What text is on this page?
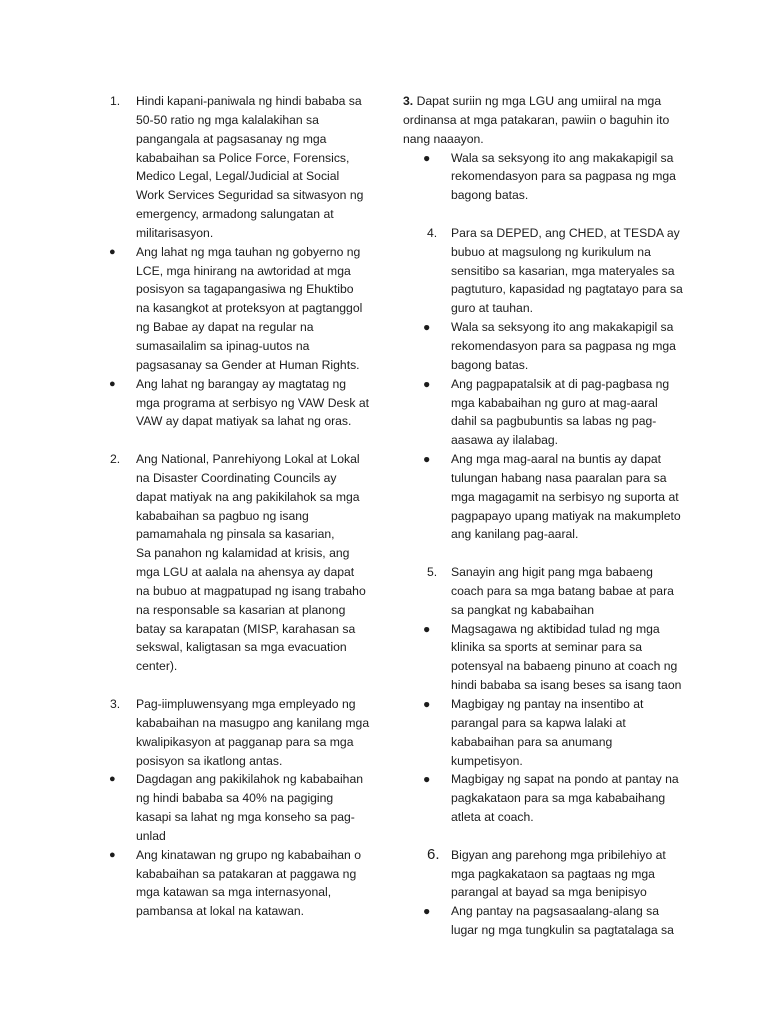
1.	Hindi kapani-paniwala ng hindi bababa sa 50-50 ratio ng mga kalalakihan sa pangangala at pagsasanay ng mga kababaihan sa Police Force, Forensics, Medico Legal, Legal/Judicial at Social Work Services Seguridad sa sitwasyon ng emergency, armadong salungatan at militarisasyon.
●	Ang lahat ng mga tauhan ng gobyerno ng LCE, mga hinirang na awtoridad at mga posisyon sa tagapangasiwa ng Ehuktibo na kasangkot at proteksyon at pagtanggol ng Babae ay dapat na regular na sumasailalim sa ipinag-uutos na pagsasanay sa Gender at Human Rights.
●	Ang lahat ng barangay ay magtatag ng mga programa at serbisyo ng VAW Desk at VAW ay dapat matiyak sa lahat ng oras.
2.	Ang National, Panrehiyong Lokal at Lokal na Disaster Coordinating Councils ay dapat matiyak na ang pakikilahok sa mga kababaihan sa pagbuo ng isang pamamahala ng pinsala sa kasarian,
Sa panahon ng kalamidad at krisis, ang mga LGU at aalala na ahensya ay dapat na bubuo at magpatupad ng isang trabaho na responsable sa kasarian at planong batay sa karapatan (MISP, karahasan sa sekswal, kaligtasan sa mga evacuation center).
3.	Pag-iimpluwensyang mga empleyado ng kababaihan na masugpo ang kanilang mga kwalipikasyon at pagganap para sa mga posisyon sa ikatlong antas.
●	Dagdagan ang pakikilahok ng kababaihan ng hindi bababa sa 40% na pagiging kasapi sa lahat ng mga konseho sa pag-unlad
●	Ang kinatawan ng grupo ng kababaihan o kababaihan sa patakaran at paggawa ng mga katawan sa mga internasyonal, pambansa at lokal na katawan.
3. Dapat suriin ng mga LGU ang umiiral na mga ordinansa at mga patakaran, pawiin o baguhin ito nang naaayon.
●	Wala sa seksyong ito ang makakapigil sa rekomendasyon para sa pagpasa ng mga bagong batas.
4.	Para sa DEPED, ang CHED, at TESDA ay bubuo at magsulong ng kurikulum na sensitibo sa kasarian, mga materyales sa pagtuturo, kapasidad ng pagtatayo para sa guro at tauhan.
●	Wala sa seksyong ito ang makakapigil sa rekomendasyon para sa pagpasa ng mga bagong batas.
●	Ang pagpapatalsik at di pag-pagbasa ng mga kababaihan ng guro at mag-aaral dahil sa pagbubuntis sa labas ng pag-aasawa ay ilalabag.
●	Ang mga mag-aaral na buntis ay dapat tulungan habang nasa paaralan para sa mga magagamit na serbisyo ng suporta at pagpapayo upang matiyak na makumpleto ang kanilang pag-aaral.
5.	Sanayin ang higit pang mga babaeng coach para sa mga batang babae at para sa pangkat ng kababaihan
●	Magsagawa ng aktibidad tulad ng mga klinika sa sports at seminar para sa potensyal na babaeng pinuno at coach ng hindi bababa sa isang beses sa isang taon
●	Magbigay ng pantay na insentibo at parangal para sa kapwa lalaki at kababaihan para sa anumang kumpetisyon.
●	Magbigay ng sapat na pondo at pantay na pagkakataon para sa mga kababaihang atleta at coach.
6. Bigyan ang parehong mga pribilehiyo at mga pagkakataon sa pagtaas ng mga parangal at bayad sa mga benipisyo
●	Ang pantay na pagsasaalang-alang sa lugar ng mga tungkulin sa pagtatalaga sa
